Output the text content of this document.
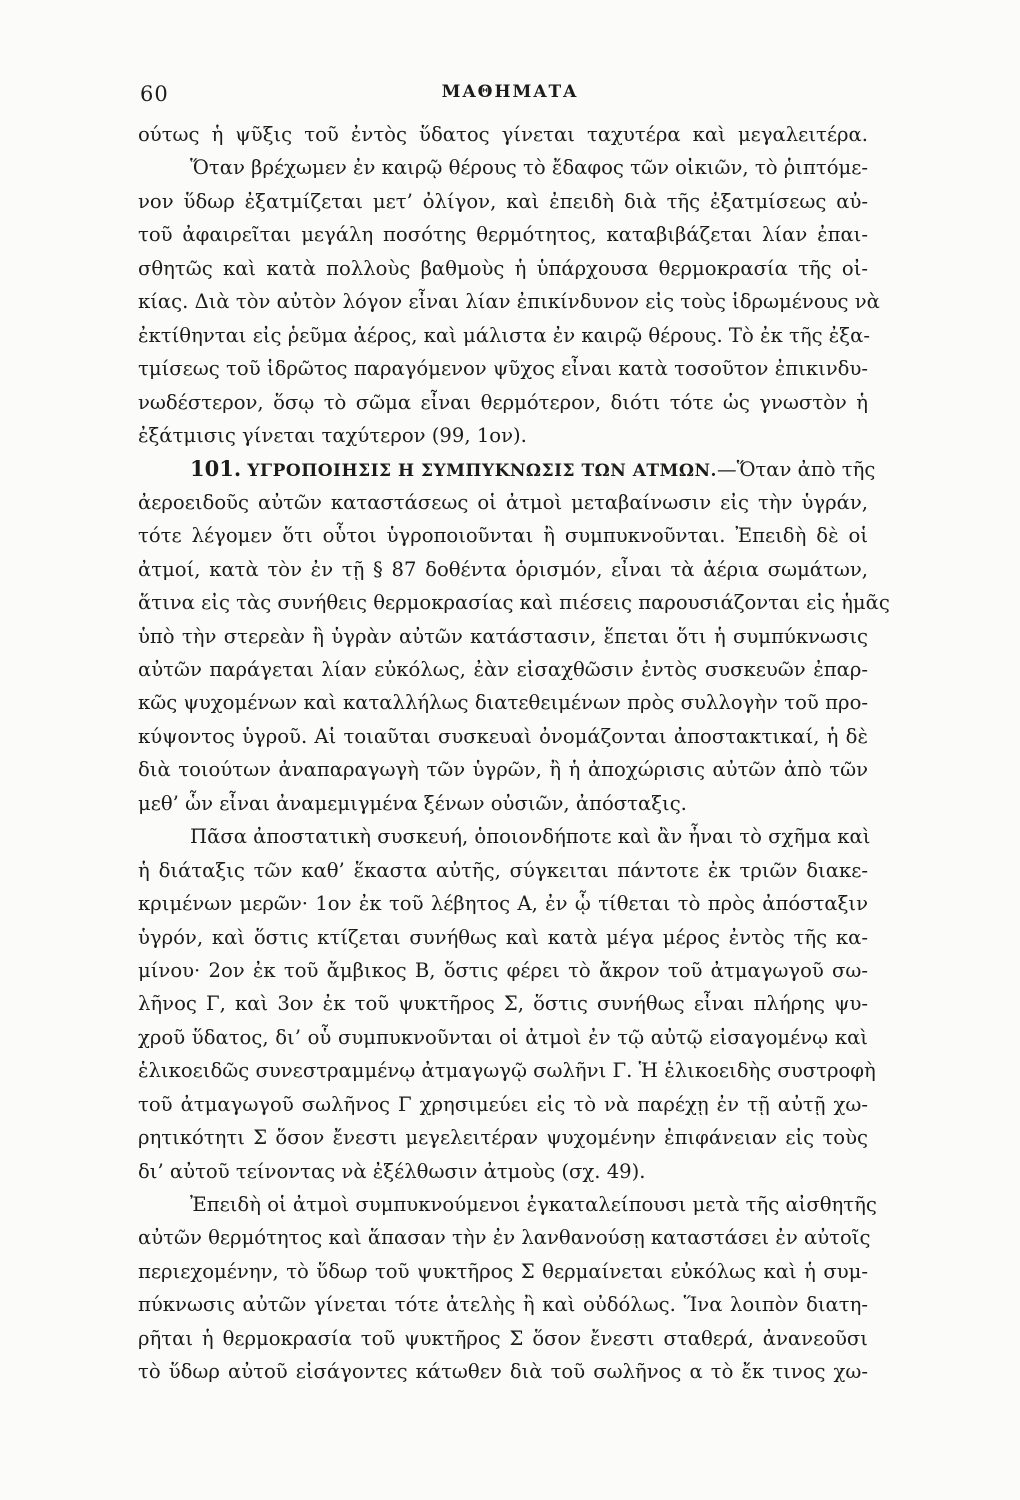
60	ΜΑΘΗΜΑΤΑ
ούτως ἡ ψῦξις τοῦ ἐντὸς ὕδατος γίνεται ταχυτέρα καὶ μεγαλειτέρα.
Ὅταν βρέχωμεν ἐν καιρῷ θέρους τὸ ἔδαφος τῶν οἰκιῶν, τὸ ῥιπτόμε-
νον ὕδωρ ἐξατμίζεται μετ’ ὀλίγον, καὶ ἐπειδὴ διὰ τῆς ἐξατμίσεως αὐ-
τοῦ ἀφαιρεῖται μεγάλη ποσότης θερμότητος, καταβιβάζεται λίαν ἐπαι-
σθητῶς καὶ κατὰ πολλοὺς βαθμοὺς ἡ ὑπάρχουσα θερμοκρασία τῆς οἰ-
κίας. Διὰ τὸν αὐτὸν λόγον εἶναι λίαν ἐπικίνδυνον εἰς τοὺς ἱδρωμένους νὰ
ἐκτίθηνται εἰς ῥεῦμα ἀέρος, καὶ μάλιστα ἐν καιρῷ θέρους. Τὸ ἐκ τῆς ἐξα-
τμίσεως τοῦ ἱδρῶτος παραγόμενον ψῦχος εἶναι κατὰ τοσοῦτον ἐπικινδυ-
νωδέστερον, ὅσῳ τὸ σῶμα εἶναι θερμότερον, διότι τότε ὡς γνωστὸν ἡ
ἐξάτμισις γίνεται ταχύτερον (99, 1ον).
101. ΥΓΡΟΠΟΙΗΣΙΣ Η ΣΥΜΠΥΚΝΩΣΙΣ ΤΩΝ ΑΤΜΩΝ.—Ὅταν ἀπὸ τῆς
ἀεροειδοῦς αὐτῶν καταστάσεως οἱ ἀτμοὶ μεταβαίνωσιν εἰς τὴν ὑγράν,
τότε λέγομεν ὅτι οὗτοι ὑγροποιοῦνται ἢ συμπυκνοῦνται. Ἐπειδὴ δὲ οἱ
ἀτμοί, κατὰ τὸν ἐν τῇ § 87 δοθέντα ὁρισμόν, εἶναι τὰ ἀέρια σωμάτων,
ἅτινα εἰς τὰς συνήθεις θερμοκρασίας καὶ πιέσεις παρουσιάζονται εἰς ἡμᾶς
ὑπὸ τὴν στερεὰν ἢ ὑγρὰν αὐτῶν κατάστασιν, ἕπεται ὅτι ἡ συμπύκνωσις
αὐτῶν παράγεται λίαν εὐκόλως, ἐὰν εἰσαχθῶσιν ἐντὸς συσκευῶν ἐπαρ-
κῶς ψυχομένων καὶ καταλλήλως διατεθειμένων πρὸς συλλογὴν τοῦ προ-
κύψοντος ὑγροῦ. Αἱ τοιαῦται συσκευαὶ ὀνομάζονται ἀποστακτικαί, ἡ δὲ
διὰ τοιούτων ἀναπαραγωγὴ τῶν ὑγρῶν, ἢ ἡ ἀποχώρισις αὐτῶν ἀπὸ τῶν
μεθ’ ὧν εἶναι ἀναμεμιγμένα ξένων οὐσιῶν, ἀπόσταξις.
Πᾶσα ἀποστατικὴ συσκευή, ὁποιονδήποτε καὶ ἂν ἦναι τὸ σχῆμα καὶ
ἡ διάταξις τῶν καθ’ ἕκαστα αὐτῆς, σύγκειται πάντοτε ἐκ τριῶν διακε-
κριμένων μερῶν· 1ον ἐκ τοῦ λέβητος Α, ἐν ᾧ τίθεται τὸ πρὸς ἀπόσταξιν
ὑγρόν, καὶ ὅστις κτίζεται συνήθως καὶ κατὰ μέγα μέρος ἐντὸς τῆς κα-
μίνου· 2ον ἐκ τοῦ ἄμβικος Β, ὅστις φέρει τὸ ἄκρον τοῦ ἀτμαγωγοῦ σω-
λῆνος Γ, καὶ 3ον ἐκ τοῦ ψυκτῆρος Σ, ὅστις συνήθως εἶναι πλήρης ψυ-
χροῦ ὕδατος, δι’ οὗ συμπυκνοῦνται οἱ ἀτμοὶ ἐν τῷ αὐτῷ εἰσαγομένῳ καὶ
ἑλικοειδῶς συνεστραμμένῳ ἀτμαγωγῷ σωλῆνι Γ. Ἡ ἑλικοειδὴς συστροφὴ
τοῦ ἀτμαγωγοῦ σωλῆνος Γ χρησιμεύει εἰς τὸ νὰ παρέχῃ ἐν τῇ αὐτῇ χω-
ρητικότητι Σ ὅσον ἔνεστι μεγελειτέραν ψυχομένην ἐπιφάνειαν εἰς τοὺς
δι’ αὐτοῦ τείνοντας νὰ ἐξέλθωσιν ἀτμοὺς (σχ. 49).
Ἐπειδὴ οἱ ἀτμοὶ συμπυκνούμενοι ἐγκαταλείπουσι μετὰ τῆς αἰσθητῆς
αὐτῶν θερμότητος καὶ ἅπασαν τὴν ἐν λανθανούσῃ καταστάσει ἐν αὐτοῖς
περιεχομένην, τὸ ὕδωρ τοῦ ψυκτῆρος Σ θερμαίνεται εὐκόλως καὶ ἡ συμ-
πύκνωσις αὐτῶν γίνεται τότε ἀτελὴς ἢ καὶ οὐδόλως. Ἵνα λοιπὸν διατη-
ρῆται ἡ θερμοκρασία τοῦ ψυκτῆρος Σ ὅσον ἔνεστι σταθερά, ἀνανεοῦσι
τὸ ὕδωρ αὐτοῦ εἰσάγοντες κάτωθεν διὰ τοῦ σωλῆνος α τὸ ἔκ τινος χω-
